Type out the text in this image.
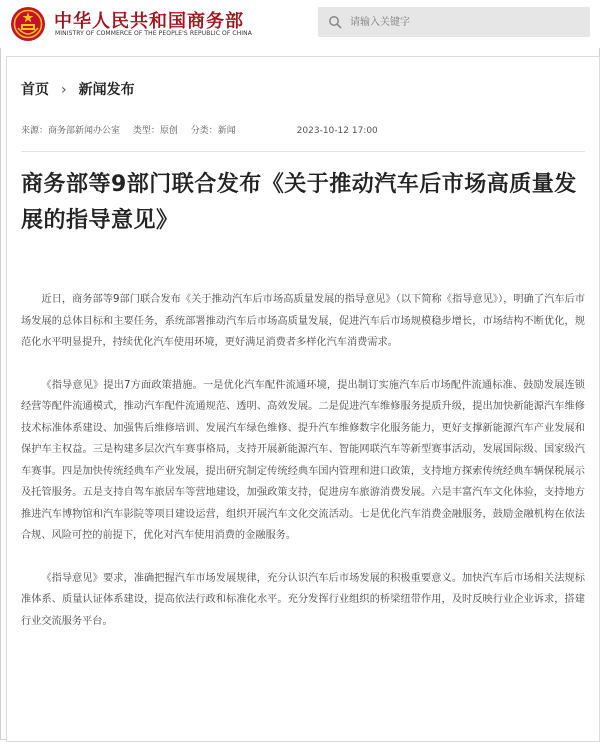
中华人民共和国商务部
MINISTRY OF COMMERCE OF THE PEOPLE'S REPUBLIC OF CHINA
请输入关键字
首页 › 新闻发布
来源：商务部新闻办公室 类型：原创 分类：新闻	2023-10-12 17:00
商务部等9部门联合发布《关于推动汽车后市场高质量发展的指导意见》

近日，商务部等9部门联合发布《关于推动汽车后市场高质量发展的指导意见》（以下简称《指导意见》），明确了汽车后市场发展的总体目标和主要任务，系统部署推动汽车后市场高质量发展，促进汽车后市场规模稳步增长，市场结构不断优化，规范化水平明显提升，持续优化汽车使用环境，更好满足消费者多样化汽车消费需求。

《指导意见》提出7方面政策措施。一是优化汽车配件流通环境，提出制订实施汽车后市场配件流通标准、鼓励发展连锁经营等配件流通模式，推动汽车配件流通规范、透明、高效发展。二是促进汽车维修服务提质升级，提出加快新能源汽车维修技术标准体系建设、加强售后维修培训、发展汽车绿色维修、提升汽车维修数字化服务能力，更好支撑新能源汽车产业发展和保护车主权益。三是构建多层次汽车赛事格局，支持开展新能源汽车、智能网联汽车等新型赛事活动，发展国际级、国家级汽车赛事。四是加快传统经典车产业发展，提出研究制定传统经典车国内管理和进口政策，支持地方探索传统经典车辆保税展示及托管服务。五是支持自驾车旅居车等营地建设，加强政策支持，促进房车旅游消费发展。六是丰富汽车文化体验，支持地方推进汽车博物馆和汽车影院等项目建设运营，组织开展汽车文化交流活动。七是优化汽车消费金融服务，鼓励金融机构在依法合规、风险可控的前提下，优化对汽车使用消费的金融服务。

《指导意见》要求，准确把握汽车市场发展规律，充分认识汽车后市场发展的积极重要意义。加快汽车后市场相关法规标准体系、质量认证体系建设，提高依法行政和标准化水平。充分发挥行业组织的桥梁纽带作用，及时反映行业企业诉求，搭建行业交流服务平台。
